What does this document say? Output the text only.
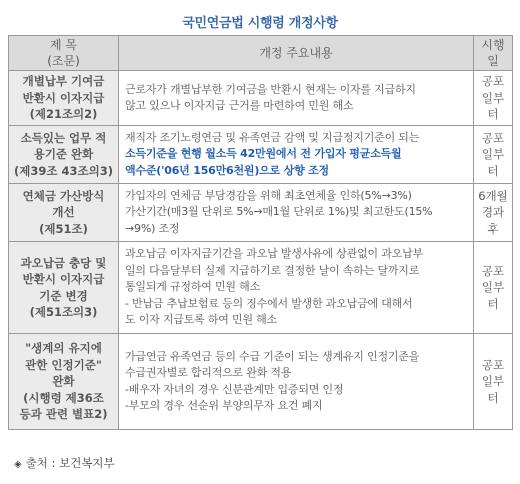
국민연금법 시행령 개정사항
제 목
(조문)	개정 주요내용	시행
일
개별납부 기여금
반환시 이자지급
(제21조의2)	근로자가 개별납부한 기여금을 반환시 현재는 이자를 지급하지
않고 있으나 이자지급 근거를 마련하여 민원 해소	공포
일부
터
소득있는 업무 적
용기준 완화
(제39조 43조의3)	재직자 조기노령연금 및 유족연금 감액 및 지급정지기준이 되는
소득기준을 현행 월소득 42만원에서 전 가입자 평균소득월
액수준('06년 156만6천원)으로 상향 조정	공포
일부
터
연체금 가산방식
개선
(제51조)	가입자의 연체금 부담경감을 위해 최초연체율 인하(5%→3%)
가산기간(매3월 단위로 5%→매1월 단위로 1%)및 최고한도(15%
→9%) 조정	6개월
경과
후
과오납금 충당 및
반환시 이자지급
기준 변경
(제51조의3)	과오납금 이자지급기간을 과오납 발생사유에 상관없이 과오납부
일의 다음달부터 실제 지급하기로 결정한 날이 속하는 달까지로
통일되게 규정하여 민원 해소
- 반납금 추납보험료 등의 징수에서 발생한 과오납금에 대해서
도 이자 지급토록 하여 민원 해소	공포
일부
터
"생계의 유지에
관한 인정기준"
완화
(시행령 제36조
등과 관련 별표2)	가급연금 유족연금 등의 수급 기준이 되는 생계유지 인정기준을
수급권자별로 합리적으로 완화 적용
-배우자 자녀의 경우 신분관계만 입증되면 인정
-부모의 경우 선순위 부양의무자 요건 폐지	공포
일부
터
◈ 출처 : 보건복지부
